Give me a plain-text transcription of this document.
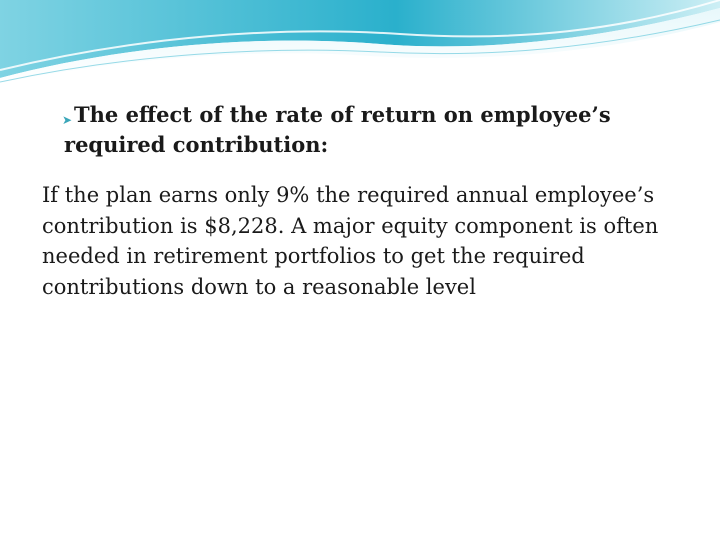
➤ The effect of the rate of return on employee’s required contribution:

If the plan earns only 9% the required annual employee’s contribution is $8,228. A major equity component is often needed in retirement portfolios to get the required contributions down to a reasonable level
